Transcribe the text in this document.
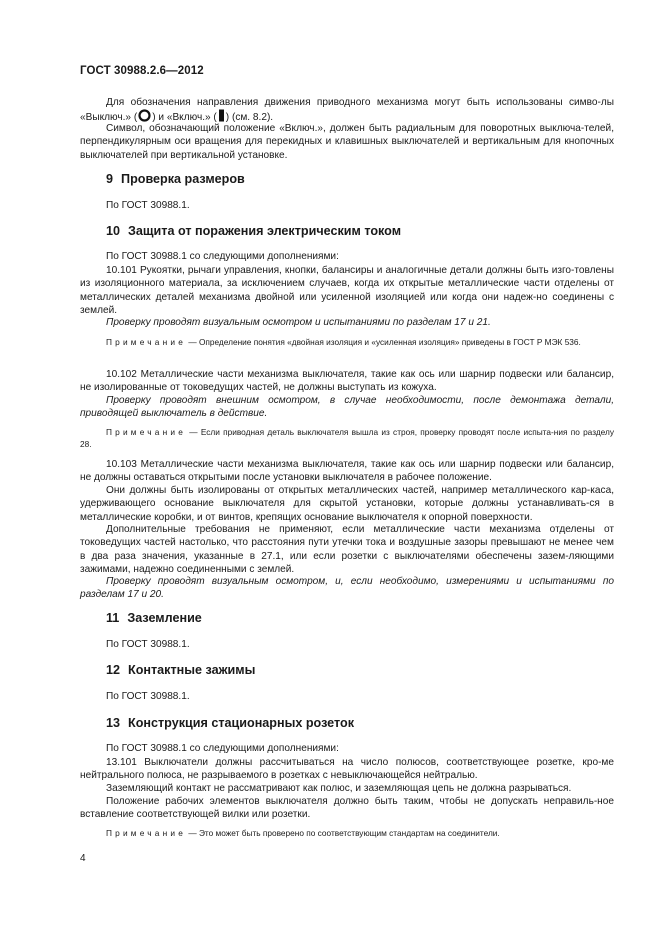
ГОСТ 30988.2.6—2012

Для обозначения направления движения приводного механизма могут быть использованы симво-лы «Выключ.» ( ) и «Включ.» ( ) (см. 8.2).

Символ, обозначающий положение «Включ.», должен быть радиальным для поворотных выключа-телей, перпендикулярным оси вращения для перекидных и клавишных выключателей и вертикальным для кнопочных выключателей при вертикальной установке.

9 Проверка размеров

По ГОСТ 30988.1.

10 Защита от поражения электрическим током

По ГОСТ 30988.1 со следующими дополнениями:

10.101 Рукоятки, рычаги управления, кнопки, балансиры и аналогичные детали должны быть изго-товлены из изоляционного материала, за исключением случаев, когда их открытые металлические части отделены от металлических деталей механизма двойной или усиленной изоляцией или когда они надеж-но соединены с землей.

Проверку проводят визуальным осмотром и испытаниями по разделам 17 и 21.

Примечание — Определение понятия «двойная изоляция и «усиленная изоляция» приведены в ГОСТ Р МЭК 536.

10.102 Металлические части механизма выключателя, такие как ось или шарнир подвески или балансир, не изолированные от токоведущих частей, не должны выступать из кожуха.

Проверку проводят внешним осмотром, в случае необходимости, после демонтажа детали, приводящей выключатель в действие.

Примечание — Если приводная деталь выключателя вышла из строя, проверку проводят после испыта-ния по разделу 28.

10.103 Металлические части механизма выключателя, такие как ось или шарнир подвески или балансир, не должны оставаться открытыми после установки выключателя в рабочее положение.

Они должны быть изолированы от открытых металлических частей, например металлического кар-каса, удерживающего основание выключателя для скрытой установки, которые должны устанавливать-ся в металлические коробки, и от винтов, крепящих основание выключателя к опорной поверхности.

Дополнительные требования не применяют, если металлические части механизма отделены от токоведущих частей настолько, что расстояния пути утечки тока и воздушные зазоры превышают не менее чем в два раза значения, указанные в 27.1, или если розетки с выключателями обеспечены зазем-ляющими зажимами, надежно соединенными с землей.

Проверку проводят визуальным осмотром, и, если необходимо, измерениями и испытаниями по разделам 17 и 20.

11 Заземление

По ГОСТ 30988.1.

12 Контактные зажимы

По ГОСТ 30988.1.

13 Конструкция стационарных розеток

По ГОСТ 30988.1 со следующими дополнениями:

13.101 Выключатели должны рассчитываться на число полюсов, соответствующее розетке, кро-ме нейтрального полюса, не разрываемого в розетках с невыключающейся нейтралью.

Заземляющий контакт не рассматривают как полюс, и заземляющая цепь не должна разрываться.

Положение рабочих элементов выключателя должно быть таким, чтобы не допускать неправиль-ное вставление соответствующей вилки или розетки.

Примечание — Это может быть проверено по соответствующим стандартам на соединители.

4
